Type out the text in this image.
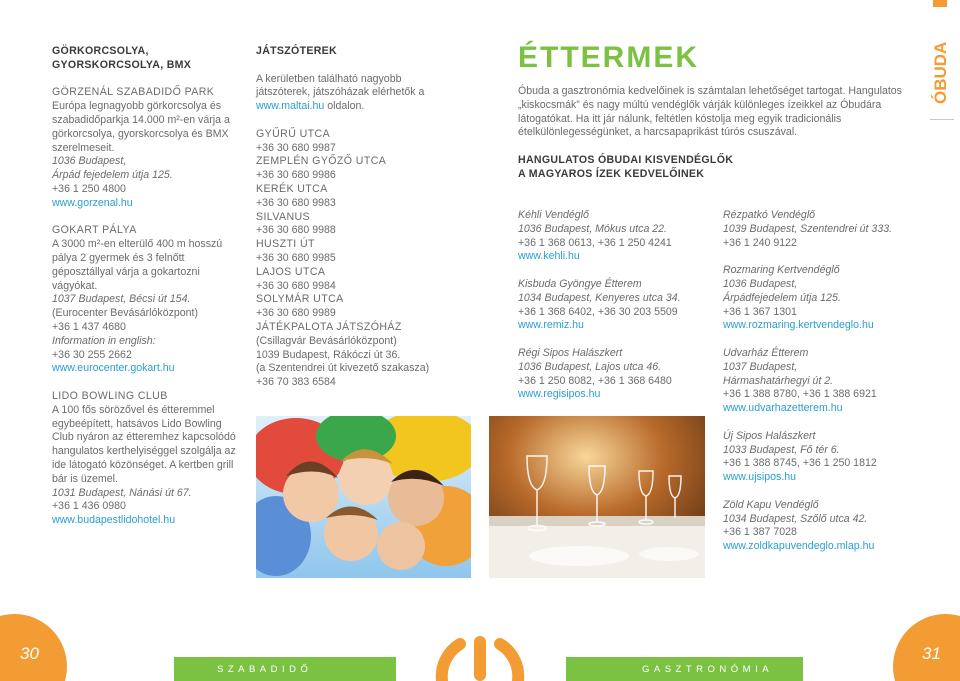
GÖRKORCSOLYA, GYORSKORCSOLYA, BMX

GÖRZENÁL SZABADIDŐ PARK

Európa legnagyobb görkorcsolya és szabadidőparkja 14.000 m²-en várja a görkorcsolya, gyorskorcsolya és BMX szerelmeseit.

1036 Budapest,

Árpád fejedelem útja 125.

+36 1 250 4800

www.gorzenal.hu

GOKART PÁLYA

A 3000 m²-en elterülő 400 m hosszú pálya 2 gyermek és 3 felnőtt géposztállyal várja a gokartozni vágyókat.

1037 Budapest, Bécsi út 154.

(Eurocenter Bevásárlóközpont)

+36 1 437 4680

Information in english:

+36 30 255 2662

www.eurocenter.gokart.hu

LIDO BOWLING CLUB

A 100 fős sörözővel és étteremmel egybeépített, hatsávos Lido Bowling Club nyáron az étteremhez kapcsolódó hangulatos kerthelyiséggel szolgálja az ide látogató közönséget. A kertben grill bár is üzemel.

1031 Budapest, Nánási út 67.

+36 1 436 0980

www.budapestlidohotel.hu

JÁTSZÓTEREK

A kerületben található nagyobb játszóterek, játszóházak elérhetők a www.maltai.hu oldalon.

GYŰRŰ UTCA

+36 30 680 9987

ZEMPLÉN GYŐZŐ UTCA

+36 30 680 9986

KERÉK UTCA

+36 30 680 9983

SILVANUS

+36 30 680 9988

HUSZTI ÚT

+36 30 680 9985

LAJOS UTCA

+36 30 680 9984

SOLYMÁR UTCA

+36 30 680 9989

JÁTÉKPALOTA JÁTSZÓHÁZ

(Csillagvár Bevásárlóközpont)

1039 Budapest, Rákóczi út 36.

(a Szentendrei út kivezető szakasza)

+36 70 383 6584

ÉTTERMEK	ÓBUDA

Óbuda a gasztronómia kedvelőinek is számtalan lehetőséget tartogat. Hangulatos „kiskocsmák” és nagy múltú vendéglők várják különleges ízeikkel az Óbudára látogatókat. Ha itt jár nálunk, feltétlen kóstolja meg egyik tradicionális ételkülönlegességünket, a harcsapaprikást túrós csuszával.

HANGULATOS ÓBUDAI KISVENDÉGLŐK

A MAGYAROS ÍZEK KEDVELŐINEK

Kéhli Vendéglő

1036 Budapest, Mókus utca 22.

+36 1 368 0613, +36 1 250 4241

www.kehli.hu

Kisbuda Gyöngye Étterem

1034 Budapest, Kenyeres utca 34.

+36 1 368 6402, +36 30 203 5509

www.remiz.hu

Régi Sipos Halászkert

1036 Budapest, Lajos utca 46.

+36 1 250 8082, +36 1 368 6480

www.regisipos.hu

Rézpatkó Vendéglő

1039 Budapest, Szentendrei út 333.

+36 1 240 9122

Rozmaring Kertvendéglő

1036 Budapest,

Árpádfejedelem útja 125.

+36 1 367 1301

www.rozmaring.kertvendeglo.hu

Udvarház Étterem

1037 Budapest,

Hármashatárhegyi út 2.

+36 1 388 8780, +36 1 388 6921

www.udvarhazetterem.hu

Új Sipos Halászkert

1033 Budapest, Fő tér 6.

+36 1 388 8745, +36 1 250 1812

www.ujsipos.hu

Zöld Kapu Vendéglő

1034 Budapest, Szőlő utca 42.

+36 1 387 7028

www.zoldkapuvendeglo.mlap.hu

30	31
SZABADIDŐ	GASZTRONÓMIA
